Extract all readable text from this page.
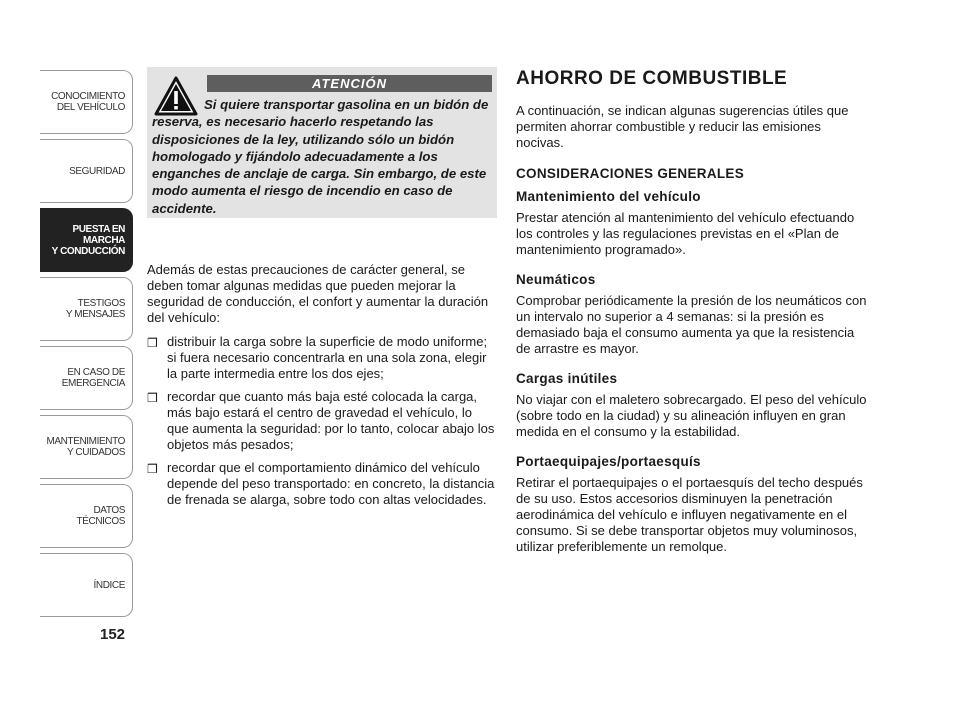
CONOCIMIENTO
DEL VEHÍCULO
SEGURIDAD
PUESTA EN
MARCHA
Y CONDUCCIÓN
TESTIGOS
Y MENSAJES
EN CASO DE
EMERGENCIA
MANTENIMIENTO
Y CUIDADOS
DATOS
TÉCNICOS
ÍNDICE
152
ATENCIÓN
Si quiere transportar gasolina en un bidón de reserva, es necesario hacerlo respetando las disposiciones de la ley, utilizando sólo un bidón homologado y fijándolo adecuadamente a los enganches de anclaje de carga. Sin embargo, de este modo aumenta el riesgo de incendio en caso de accidente.

Además de estas precauciones de carácter general, se deben tomar algunas medidas que pueden mejorar la seguridad de conducción, el confort y aumentar la duración del vehículo:

❒ distribuir la carga sobre la superficie de modo uniforme; si fuera necesario concentrarla en una sola zona, elegir la parte intermedia entre los dos ejes;
❒ recordar que cuanto más baja esté colocada la carga, más bajo estará el centro de gravedad el vehículo, lo que aumenta la seguridad: por lo tanto, colocar abajo los objetos más pesados;
❒ recordar que el comportamiento dinámico del vehículo depende del peso transportado: en concreto, la distancia de frenada se alarga, sobre todo con altas velocidades.
AHORRO DE COMBUSTIBLE

A continuación, se indican algunas sugerencias útiles que permiten ahorrar combustible y reducir las emisiones nocivas.

CONSIDERACIONES GENERALES
Mantenimiento del vehículo

Prestar atención al mantenimiento del vehículo efectuando los controles y las regulaciones previstas en el «Plan de mantenimiento programado».

Neumáticos

Comprobar periódicamente la presión de los neumáticos con un intervalo no superior a 4 semanas: si la presión es demasiado baja el consumo aumenta ya que la resistencia de arrastre es mayor.

Cargas inútiles

No viajar con el maletero sobrecargado. El peso del vehículo (sobre todo en la ciudad) y su alineación influyen en gran medida en el consumo y la estabilidad.

Portaequipajes/portaesquís

Retirar el portaequipajes o el portaesquís del techo después de su uso. Estos accesorios disminuyen la penetración aerodinámica del vehículo e influyen negativamente en el consumo. Si se debe transportar objetos muy voluminosos, utilizar preferiblemente un remolque.
